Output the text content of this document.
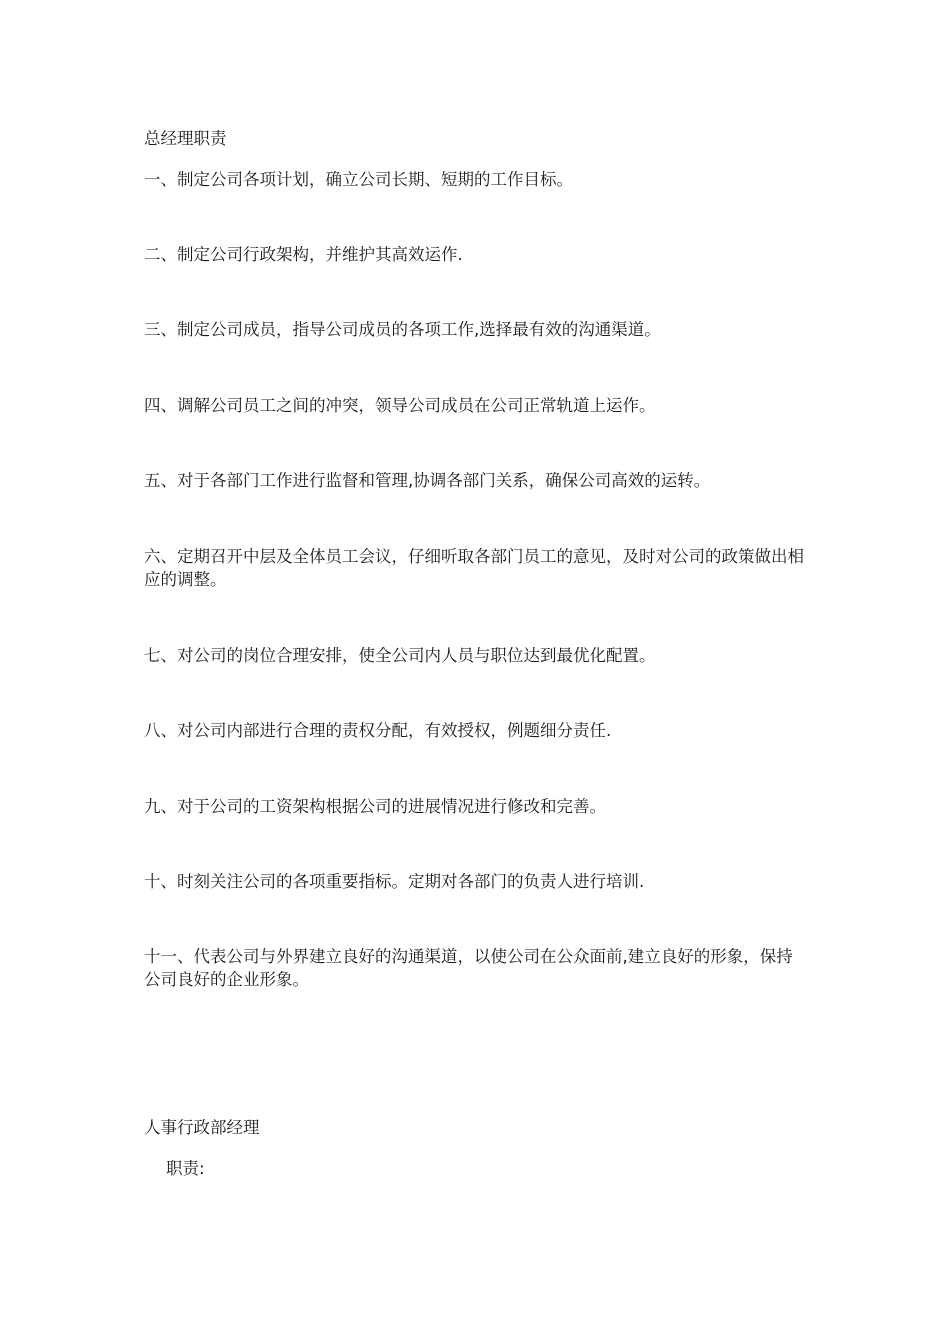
总经理职责
一、制定公司各项计划，确立公司长期、短期的工作目标。
二、制定公司行政架构，并维护其高效运作.
三、制定公司成员，指导公司成员的各项工作,选择最有效的沟通渠道。
四、调解公司员工之间的冲突，领导公司成员在公司正常轨道上运作。
五、对于各部门工作进行监督和管理,协调各部门关系，确保公司高效的运转。
六、定期召开中层及全体员工会议，仔细听取各部门员工的意见，及时对公司的政策做出相应的调整。
七、对公司的岗位合理安排，使全公司内人员与职位达到最优化配置。
八、对公司内部进行合理的责权分配，有效授权，例题细分责任.
九、对于公司的工资架构根据公司的进展情况进行修改和完善。
十、时刻关注公司的各项重要指标。定期对各部门的负责人进行培训.
十一、代表公司与外界建立良好的沟通渠道，以使公司在公众面前,建立良好的形象，保持公司良好的企业形象。
人事行政部经理
职责:
